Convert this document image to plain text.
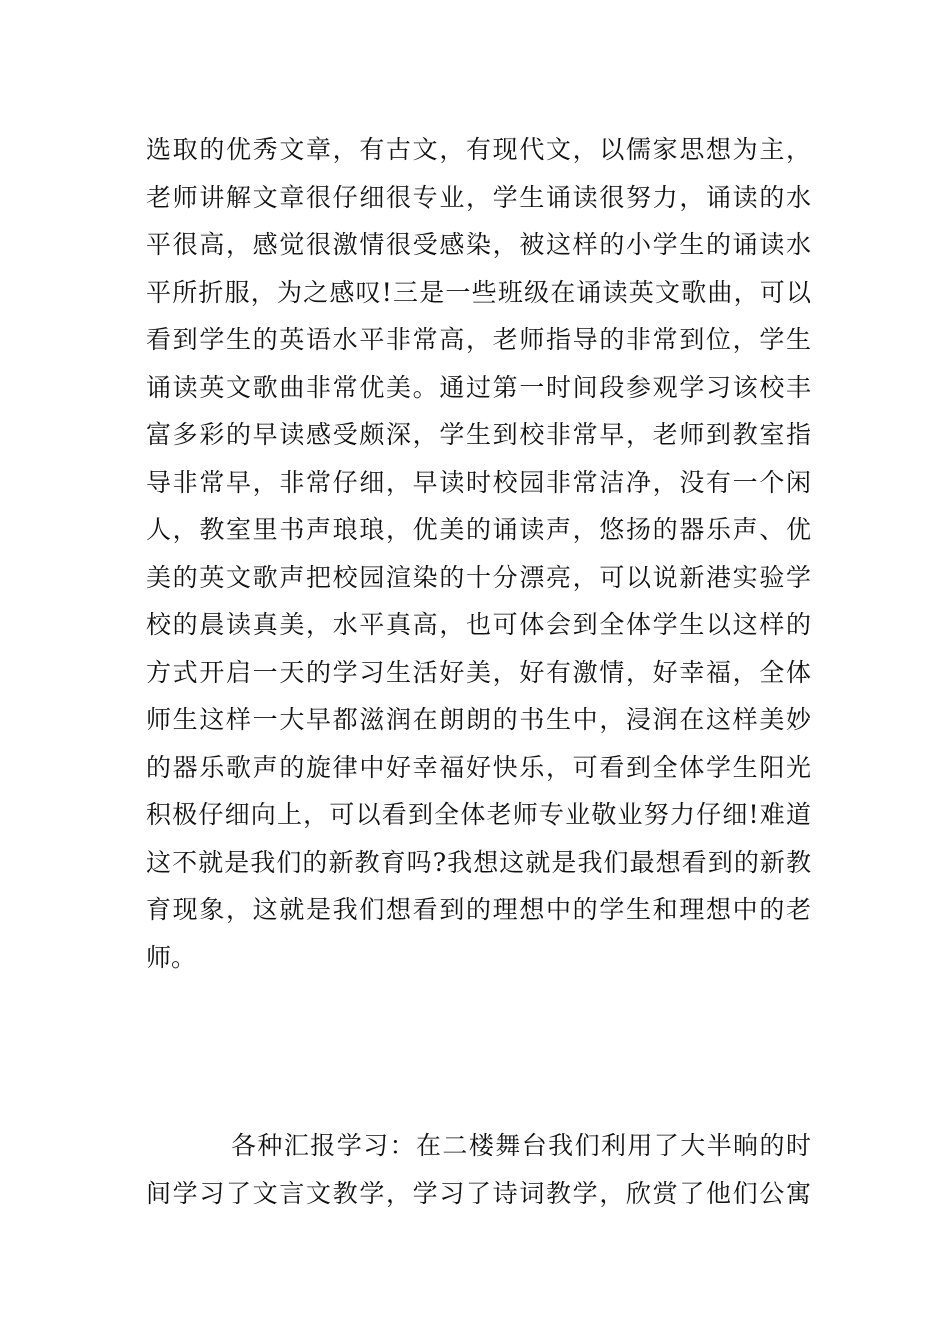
选取的优秀文章，有古文，有现代文，以儒家思想为主，
老师讲解文章很仔细很专业，学生诵读很努力，诵读的水
平很高，感觉很激情很受感染，被这样的小学生的诵读水
平所折服，为之感叹!三是一些班级在诵读英文歌曲，可以
看到学生的英语水平非常高，老师指导的非常到位，学生
诵读英文歌曲非常优美。通过第一时间段参观学习该校丰
富多彩的早读感受颇深，学生到校非常早，老师到教室指
导非常早，非常仔细，早读时校园非常洁净，没有一个闲
人，教室里书声琅琅，优美的诵读声，悠扬的器乐声、优
美的英文歌声把校园渲染的十分漂亮，可以说新港实验学
校的晨读真美，水平真高，也可体会到全体学生以这样的
方式开启一天的学习生活好美，好有激情，好幸福，全体
师生这样一大早都滋润在朗朗的书生中，浸润在这样美妙
的器乐歌声的旋律中好幸福好快乐，可看到全体学生阳光
积极仔细向上，可以看到全体老师专业敬业努力仔细!难道
这不就是我们的新教育吗?我想这就是我们最想看到的新教
育现象，这就是我们想看到的理想中的学生和理想中的老
师。
各种汇报学习：在二楼舞台我们利用了大半晌的时
间学习了文言文教学，学习了诗词教学，欣赏了他们公寓
